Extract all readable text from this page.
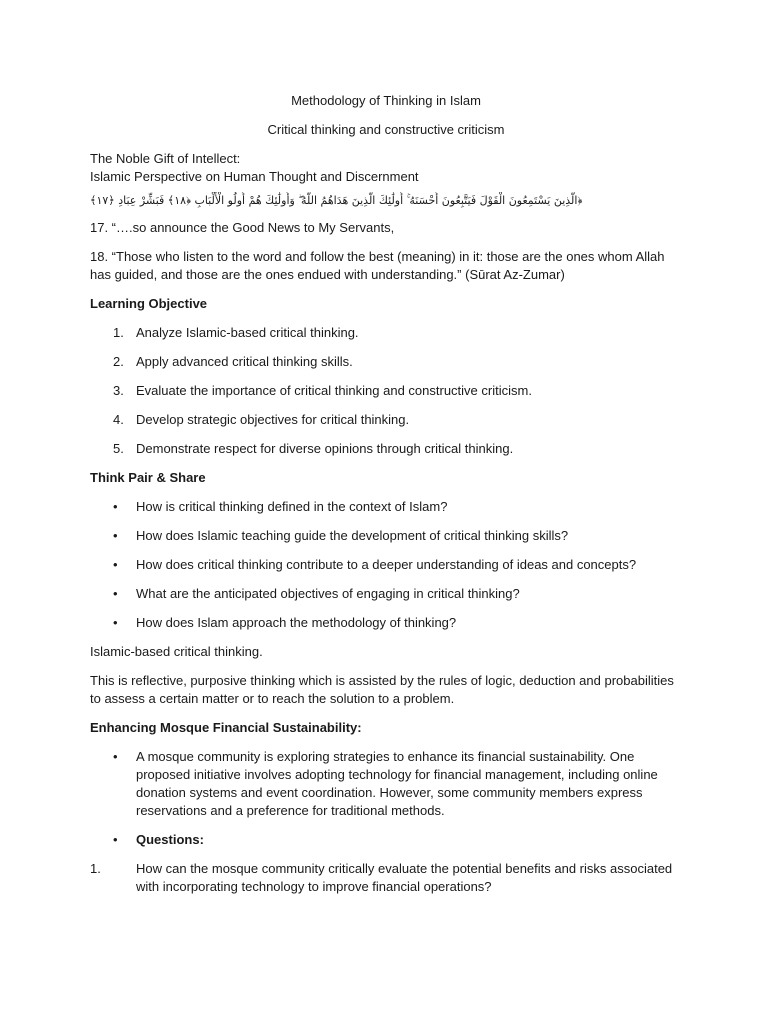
Methodology of Thinking in Islam

Critical thinking and constructive criticism

The Noble Gift of Intellect:
Islamic Perspective on Human Thought and Discernment

﴿الَّذِينَ يَسْتَمِعُونَ الْقَوْلَ فَيَتَّبِعُونَ أَحْسَنَهُ ۚ أُولَٰئِكَ الَّذِينَ هَدَاهُمُ اللَّهُ ۖ وَأُولَٰئِكَ هُمْ أُولُو الْأَلْبَابِ ﴿١٨﴾ فَبَشِّرْ عِبَادِ ﴿١٧﴾

17. “….so announce the Good News to My Servants,

18. “Those who listen to the word and follow the best (meaning) in it: those are the ones whom Allah has guided, and those are the ones endued with understanding.” (Sūrat Az-Zumar)

Learning Objective

1. Analyze Islamic-based critical thinking.
2. Apply advanced critical thinking skills.
3. Evaluate the importance of critical thinking and constructive criticism.
4. Develop strategic objectives for critical thinking.
5. Demonstrate respect for diverse opinions through critical thinking.

Think Pair & Share

• How is critical thinking defined in the context of Islam?
• How does Islamic teaching guide the development of critical thinking skills?
• How does critical thinking contribute to a deeper understanding of ideas and concepts?
• What are the anticipated objectives of engaging in critical thinking?
• How does Islam approach the methodology of thinking?

Islamic-based critical thinking.

This is reflective, purposive thinking which is assisted by the rules of logic, deduction and probabilities to assess a certain matter or to reach the solution to a problem.

Enhancing Mosque Financial Sustainability:

• A mosque community is exploring strategies to enhance its financial sustainability. One proposed initiative involves adopting technology for financial management, including online donation systems and event coordination. However, some community members express reservations and a preference for traditional methods.
• Questions:
1.	How can the mosque community critically evaluate the potential benefits and risks associated with incorporating technology to improve financial operations?
